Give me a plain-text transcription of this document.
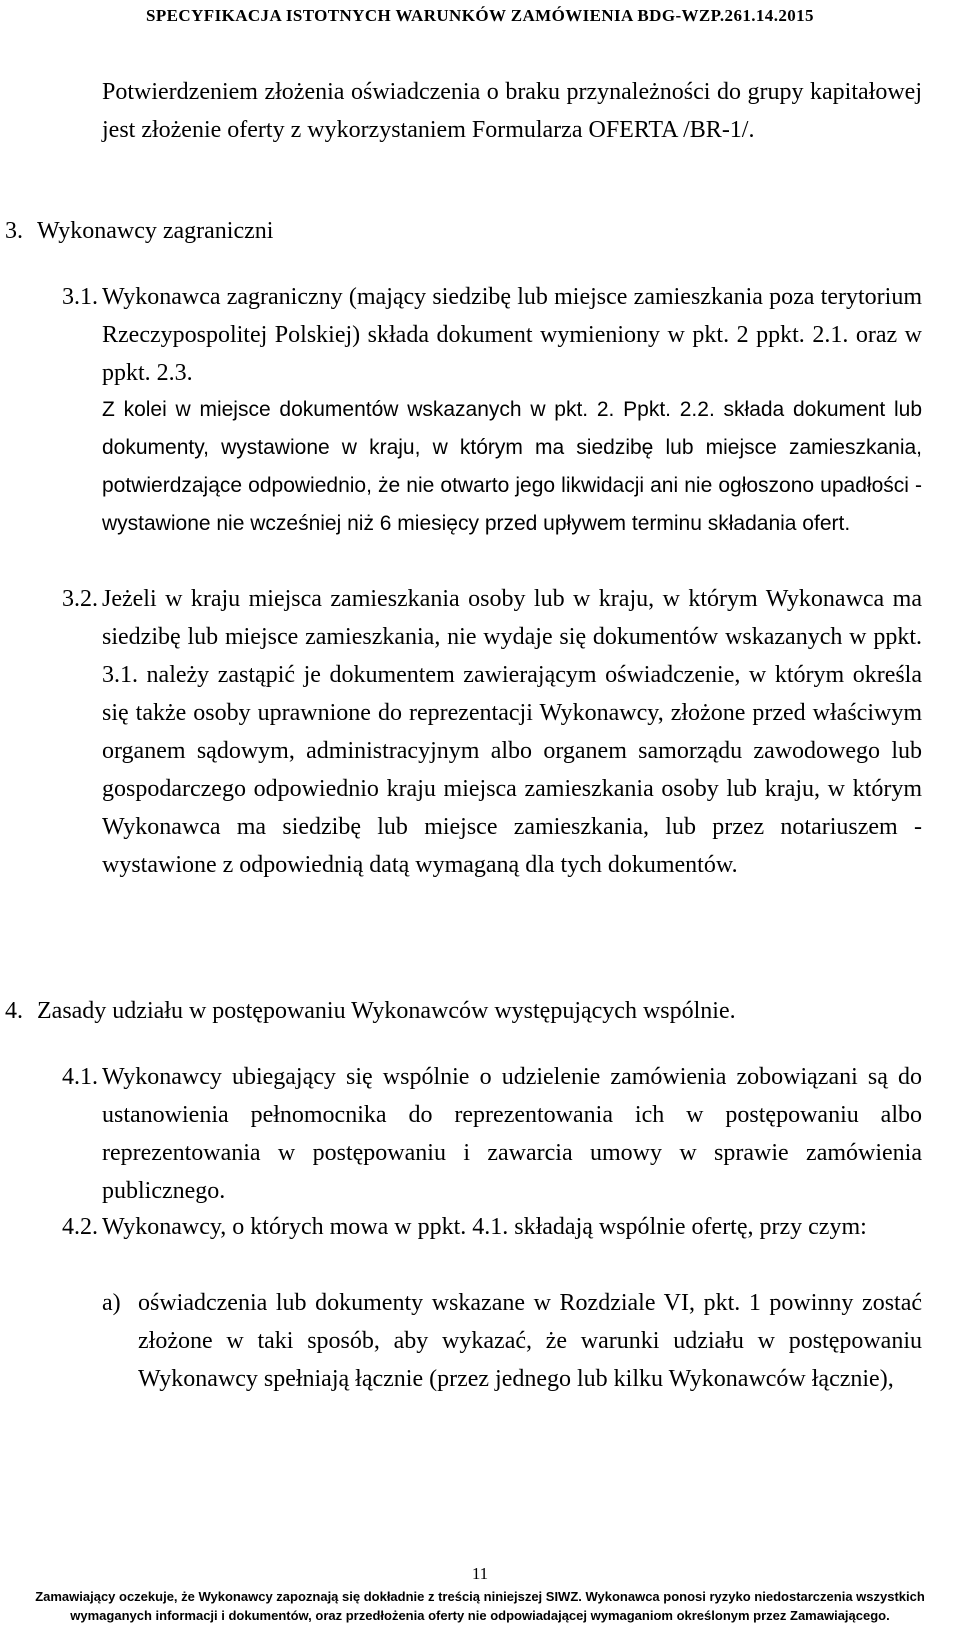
SPECYFIKACJA ISTOTNYCH WARUNKÓW ZAMÓWIENIA BDG-WZP.261.14.2015
Potwierdzeniem złożenia oświadczenia o braku przynależności do grupy kapitałowej jest złożenie oferty z wykorzystaniem Formularza OFERTA /BR-1/.
3. Wykonawcy zagraniczni
3.1. Wykonawca zagraniczny (mający siedzibę lub miejsce zamieszkania poza terytorium Rzeczypospolitej Polskiej) składa dokument wymieniony w pkt. 2 ppkt. 2.1. oraz w ppkt. 2.3.
Z kolei w miejsce dokumentów wskazanych w pkt. 2. Ppkt. 2.2. składa dokument lub dokumenty, wystawione w kraju, w którym ma siedzibę lub miejsce zamieszkania, potwierdzające odpowiednio, że nie otwarto jego likwidacji ani nie ogłoszono upadłości - wystawione nie wcześniej niż 6 miesięcy przed upływem terminu składania ofert.
3.2. Jeżeli w kraju miejsca zamieszkania osoby lub w kraju, w którym Wykonawca ma siedzibę lub miejsce zamieszkania, nie wydaje się dokumentów wskazanych w ppkt. 3.1. należy zastąpić je dokumentem zawierającym oświadczenie, w którym określa się także osoby uprawnione do reprezentacji Wykonawcy, złożone przed właściwym organem sądowym, administracyjnym albo organem samorządu zawodowego lub gospodarczego odpowiednio kraju miejsca zamieszkania osoby lub kraju, w którym Wykonawca ma siedzibę lub miejsce zamieszkania, lub przez notariuszem - wystawione z odpowiednią datą wymaganą dla tych dokumentów.
4. Zasady udziału w postępowaniu Wykonawców występujących wspólnie.
4.1. Wykonawcy ubiegający się wspólnie o udzielenie zamówienia zobowiązani są do ustanowienia pełnomocnika do reprezentowania ich w postępowaniu albo reprezentowania w postępowaniu i zawarcia umowy w sprawie zamówienia publicznego.
4.2. Wykonawcy, o których mowa w ppkt. 4.1. składają wspólnie ofertę, przy czym:
a) oświadczenia lub dokumenty wskazane w Rozdziale VI, pkt. 1 powinny zostać złożone w taki sposób, aby wykazać, że warunki udziału w postępowaniu Wykonawcy spełniają łącznie (przez jednego lub kilku Wykonawców łącznie),
11
Zamawiający oczekuje, że Wykonawcy zapoznają się dokładnie z treścią niniejszej SIWZ. Wykonawca ponosi ryzyko niedostarczenia wszystkich
wymaganych informacji i dokumentów, oraz przedłożenia oferty nie odpowiadającej wymaganiom określonym przez Zamawiającego.
